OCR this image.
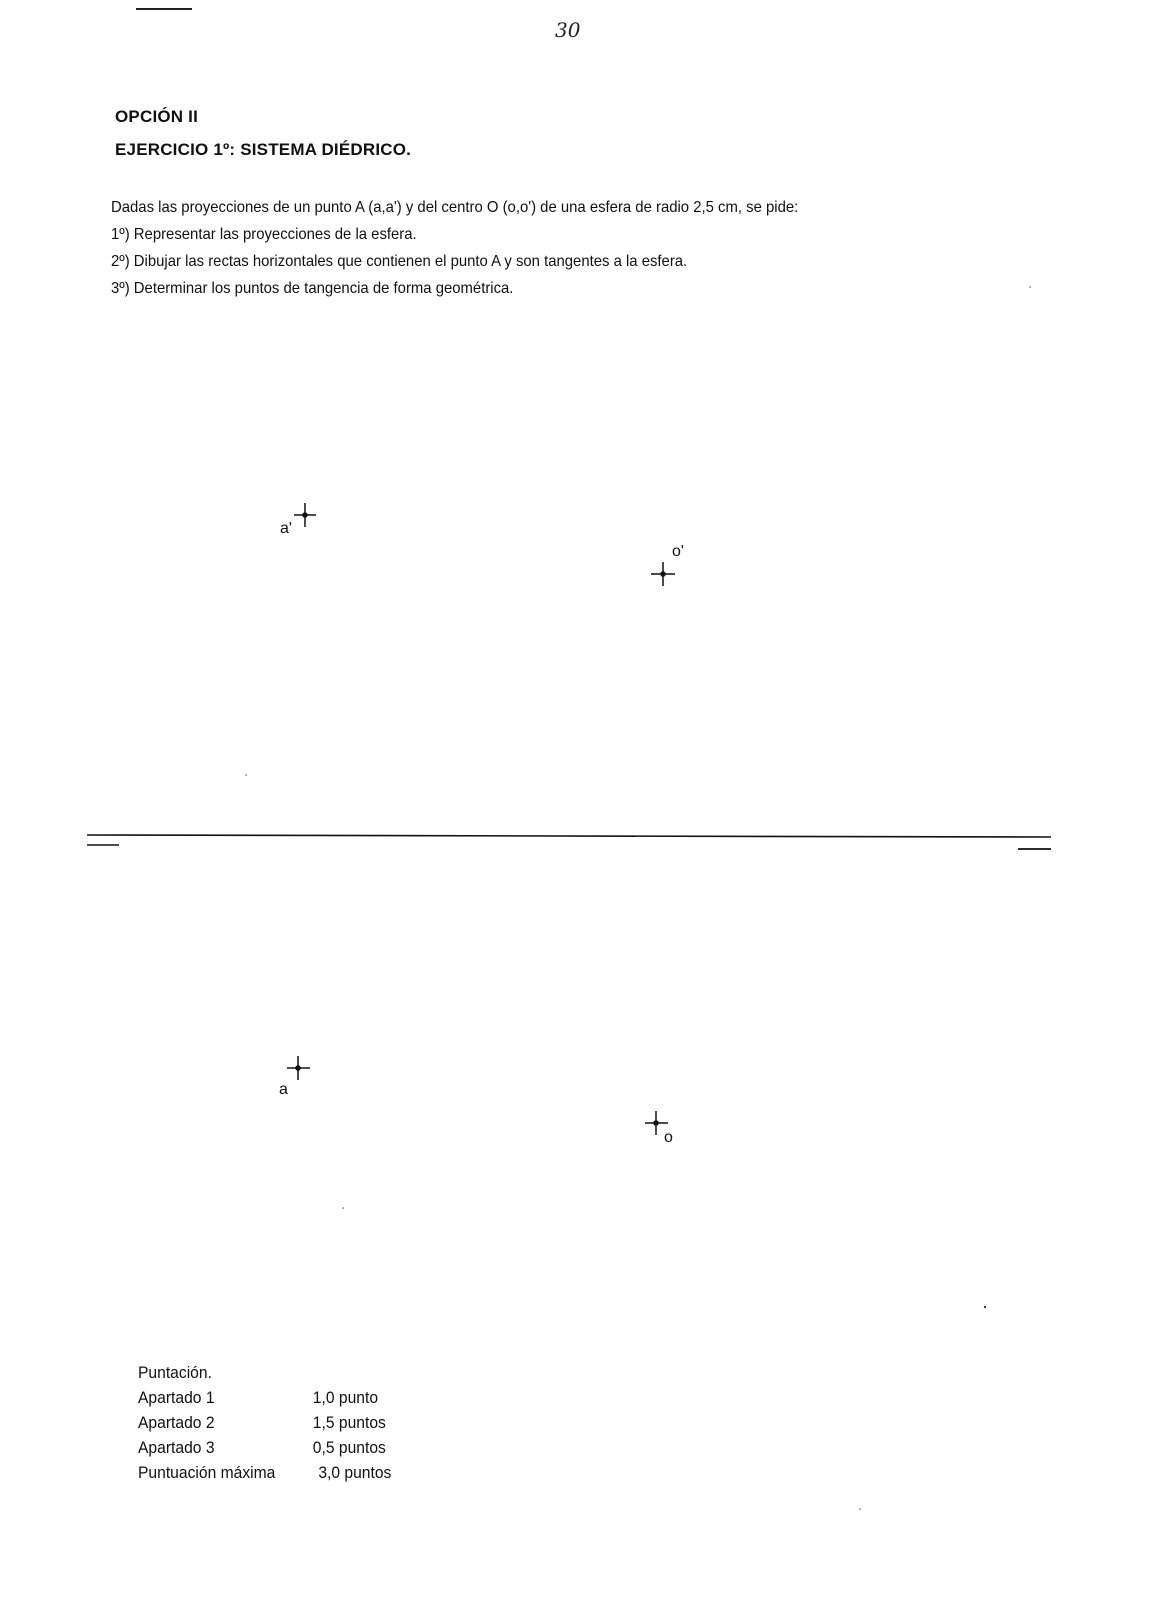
30
OPCIÓN II
EJERCICIO 1º: SISTEMA DIÉDRICO.
Dadas las proyecciones de un punto A (a,a') y del centro O (o,o') de una esfera de radio 2,5 cm, se pide:
1º) Representar las proyecciones de la esfera.
2º) Dibujar las rectas horizontales que contienen el punto A y son tangentes a la esfera.
3º) Determinar los puntos de tangencia de forma geométrica.
a'
o'
a
o
Puntación.
Apartado 1	1,0 punto
Apartado 2	1,5 puntos
Apartado 3	0,5 puntos
Puntuación máxima	3,0 puntos
